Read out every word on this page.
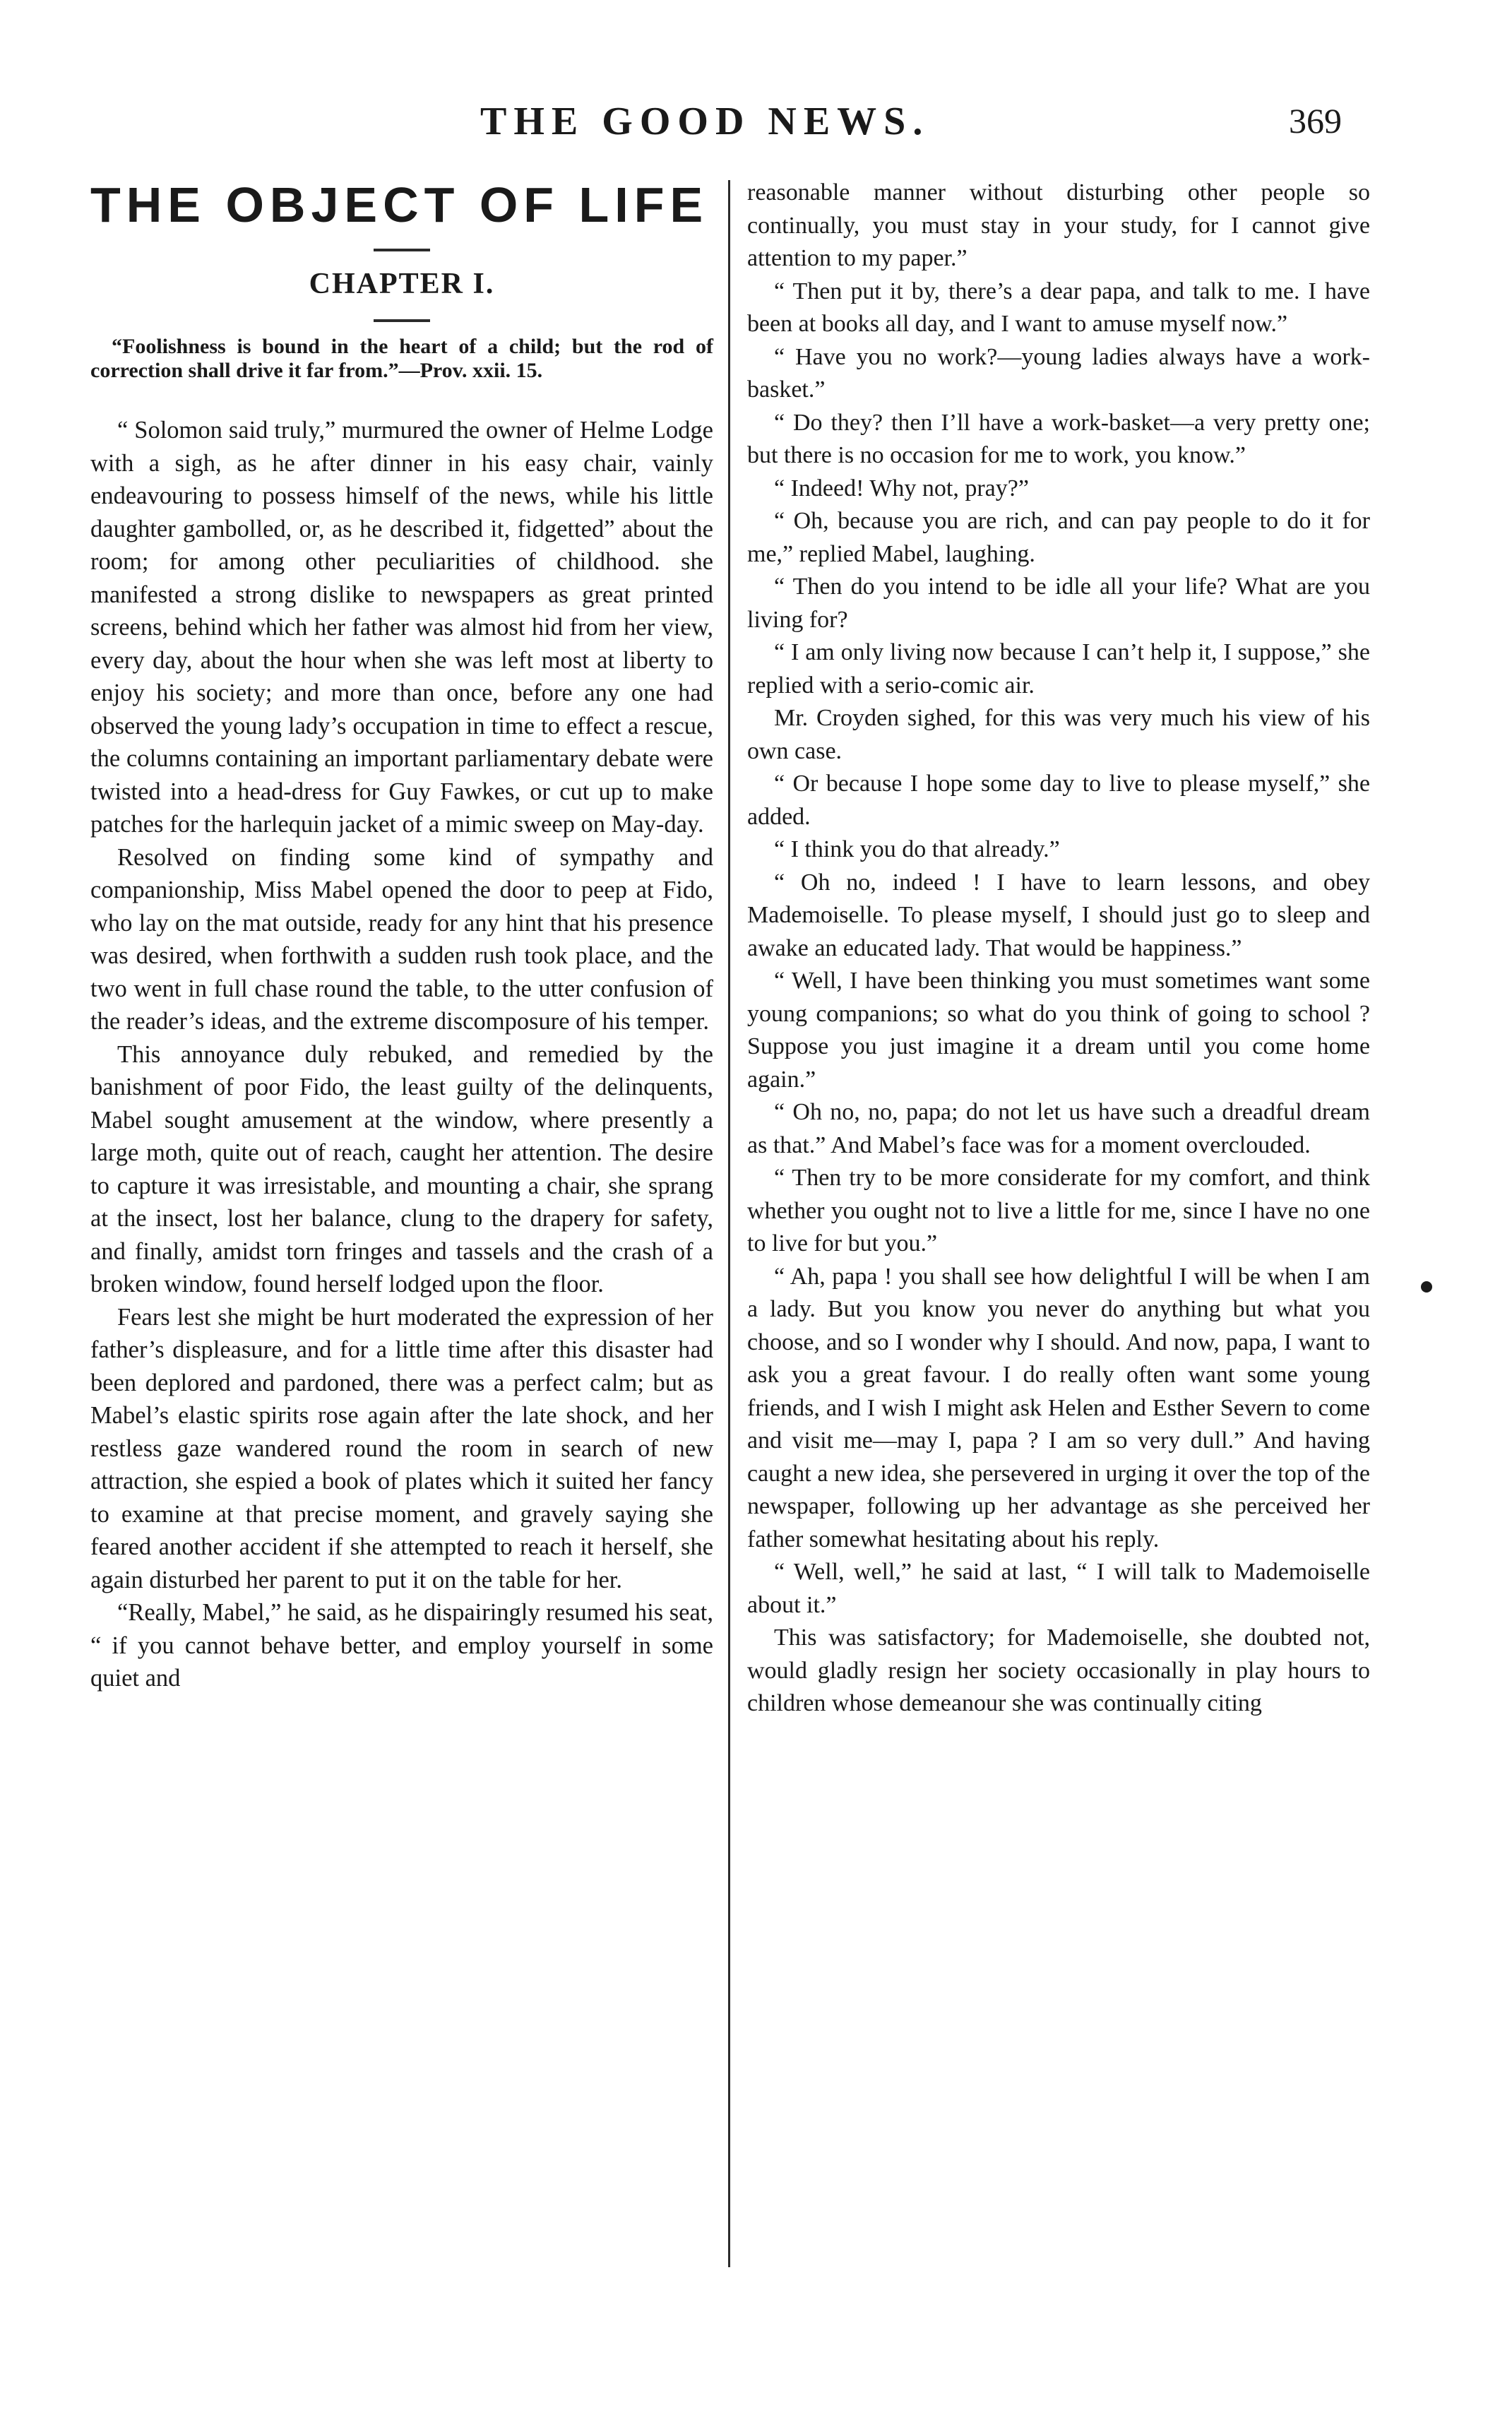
THE GOOD NEWS.	369
THE OBJECT OF LIFE
CHAPTER I.

“Foolishness is bound in the heart of a child; but the rod of correction shall drive it far from.”—Prov. xxii. 15.

“ Solomon said truly,” murmured the owner of Helme Lodge with a sigh, as he after dinner in his easy chair, vainly endeavouring to possess himself of the news, while his little daughter gambolled, or, as he described it, fidgetted” about the room; for among other peculiarities of childhood. she manifested a strong dislike to newspapers as great printed screens, behind which her father was almost hid from her view, every day, about the hour when she was left most at liberty to enjoy his society; and more than once, before any one had observed the young lady’s occupation in time to effect a rescue, the columns containing an important parliamentary debate were twisted into a head-dress for Guy Fawkes, or cut up to make patches for the harlequin jacket of a mimic sweep on May-day.

Resolved on finding some kind of sympathy and companionship, Miss Mabel opened the door to peep at Fido, who lay on the mat outside, ready for any hint that his presence was desired, when forthwith a sudden rush took place, and the two went in full chase round the table, to the utter confusion of the reader’s ideas, and the extreme discomposure of his temper.

This annoyance duly rebuked, and remedied by the banishment of poor Fido, the least guilty of the delinquents, Mabel sought amusement at the window, where presently a large moth, quite out of reach, caught her attention. The desire to capture it was irresistable, and mounting a chair, she sprang at the insect, lost her balance, clung to the drapery for safety, and finally, amidst torn fringes and tassels and the crash of a broken window, found herself lodged upon the floor.

Fears lest she might be hurt moderated the expression of her father’s displeasure, and for a little time after this disaster had been deplored and pardoned, there was a perfect calm; but as Mabel’s elastic spirits rose again after the late shock, and her restless gaze wandered round the room in search of new attraction, she espied a book of plates which it suited her fancy to examine at that precise moment, and gravely saying she feared another accident if she attempted to reach it herself, she again disturbed her parent to put it on the table for her.

“Really, Mabel,” he said, as he dispairingly resumed his seat, “ if you cannot behave better, and employ yourself in some quiet and

reasonable manner without disturbing other people so continually, you must stay in your study, for I cannot give attention to my paper.”

“ Then put it by, there’s a dear papa, and talk to me. I have been at books all day, and I want to amuse myself now.”

“ Have you no work?—young ladies always have a work-basket.”

“ Do they? then I’ll have a work-basket—a very pretty one; but there is no occasion for me to work, you know.”

“ Indeed! Why not, pray?”

“ Oh, because you are rich, and can pay people to do it for me,” replied Mabel, laughing.

“ Then do you intend to be idle all your life? What are you living for?

“ I am only living now because I can’t help it, I suppose,” she replied with a serio-comic air.

Mr. Croyden sighed, for this was very much his view of his own case.

“ Or because I hope some day to live to please myself,” she added.

“ I think you do that already.”

“ Oh no, indeed ! I have to learn lessons, and obey Mademoiselle. To please myself, I should just go to sleep and awake an educated lady. That would be happiness.”

“ Well, I have been thinking you must sometimes want some young companions; so what do you think of going to school ? Suppose you just imagine it a dream until you come home again.”

“ Oh no, no, papa; do not let us have such a dreadful dream as that.” And Mabel’s face was for a moment overclouded.

“ Then try to be more considerate for my comfort, and think whether you ought not to live a little for me, since I have no one to live for but you.”

“ Ah, papa ! you shall see how delightful I will be when I am a lady. But you know you never do anything but what you choose, and so I wonder why I should. And now, papa, I want to ask you a great favour. I do really often want some young friends, and I wish I might ask Helen and Esther Severn to come and visit me—may I, papa ? I am so very dull.” And having caught a new idea, she persevered in urging it over the top of the newspaper, following up her advantage as she perceived her father somewhat hesitating about his reply.

“ Well, well,” he said at last, “ I will talk to Mademoiselle about it.”

This was satisfactory; for Mademoiselle, she doubted not, would gladly resign her society occasionally in play hours to children whose demeanour she was continually citing
